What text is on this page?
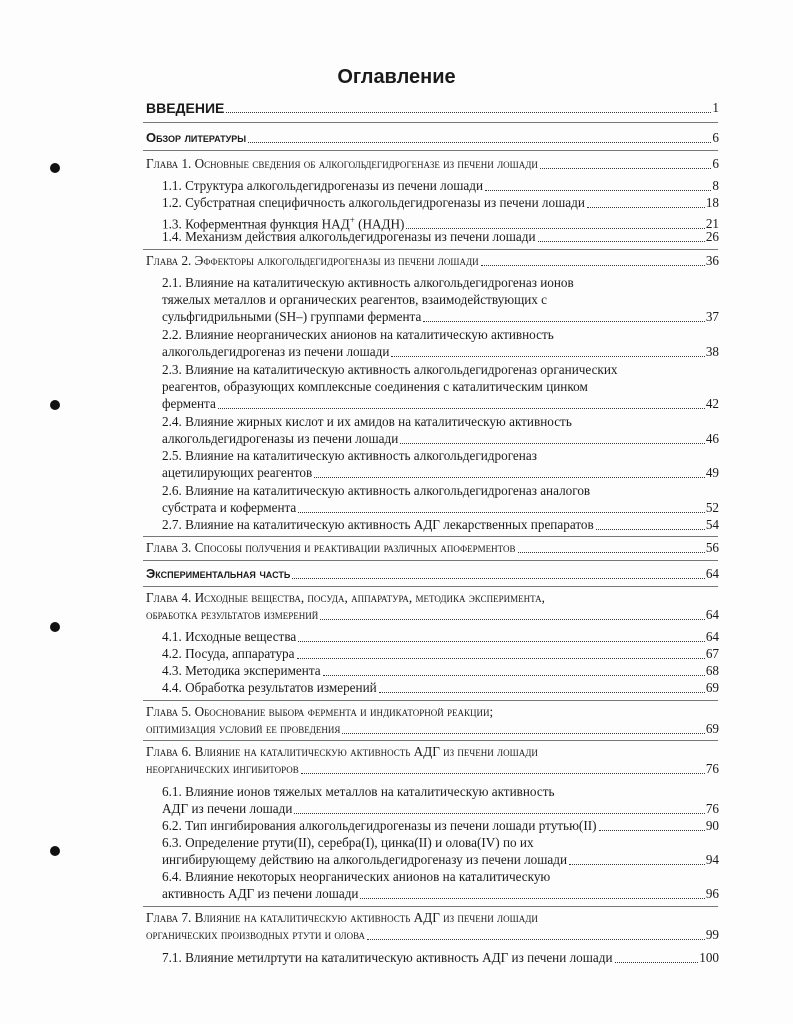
Оглавление
ВВЕДЕНИЕ	1
Обзор литературы	6
Глава 1. Основные сведения об алкогольдегидрогеназе из печени лошади	6
1.1. Структура алкогольдегидрогеназы из печени лошади	8
1.2. Субстратная специфичность алкогольдегидрогеназы из печени лошади	18
1.3. Коферментная функция НАД+ (НАДН)	21
1.4. Механизм действия алкогольдегидрогеназы из печени лошади	26
Глава 2. Эффекторы алкогольдегидрогеназы из печени лошади	36
2.1. Влияние на каталитическую активность алкогольдегидрогеназ ионов
тяжелых металлов и органических реагентов, взаимодействующих с
сульфгидрильными (SH–) группами фермента	37
2.2. Влияние неорганических анионов на каталитическую активность
алкогольдегидрогеназ из печени лошади	38
2.3. Влияние на каталитическую активность алкогольдегидрогеназ органических
реагентов, образующих комплексные соединения с каталитическим цинком
фермента	42
2.4. Влияние жирных кислот и их амидов на каталитическую активность
алкогольдегидрогеназы из печени лошади	46
2.5. Влияние на каталитическую активность алкогольдегидрогеназ
ацетилирующих реагентов	49
2.6. Влияние на каталитическую активность алкогольдегидрогеназ аналогов
субстрата и кофермента	52
2.7. Влияние на каталитическую активность АДГ лекарственных препаратов	54
Глава 3. Способы получения и реактивации различных апоферментов	56
Экспериментальная часть	64
Глава 4. Исходные вещества, посуда, аппаратура, методика эксперимента,
обработка результатов измерений	64
4.1. Исходные вещества	64
4.2. Посуда, аппаратура	67
4.3. Методика эксперимента	68
4.4. Обработка результатов измерений	69
Глава 5. Обоснование выбора фермента и индикаторной реакции;
оптимизация условий ее проведения	69
Глава 6. Влияние на каталитическую активность АДГ из печени лошади
неорганических ингибиторов	76
6.1. Влияние ионов тяжелых металлов на каталитическую активность
АДГ из печени лошади	76
6.2. Тип ингибирования алкогольдегидрогеназы из печени лошади ртутью(II)	90
6.3. Определение ртути(II), серебра(I), цинка(II) и олова(IV) по их
ингибирующему действию на алкогольдегидрогеназу из печени лошади	94
6.4. Влияние некоторых неорганических анионов на каталитическую
активность АДГ из печени лошади	96
Глава 7. Влияние на каталитическую активность АДГ из печени лошади
органических производных ртути и олова	99
7.1. Влияние метилртути на каталитическую активность АДГ из печени лошади	100
